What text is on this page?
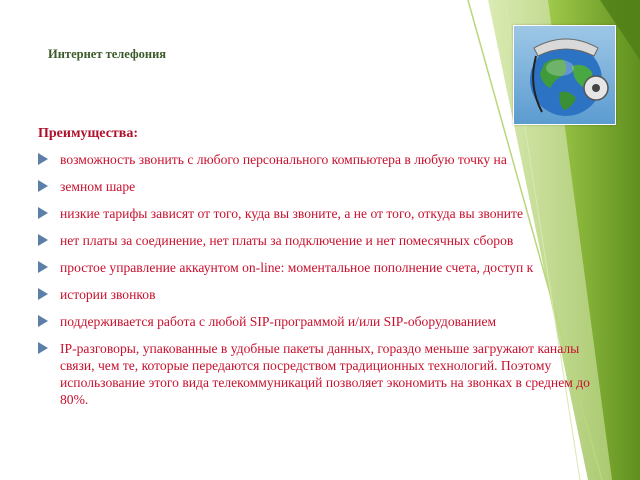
Интернет телефония
Преимущества:
возможность звонить с любого персонального компьютера в любую точку на
земном шаре
низкие тарифы зависят от того, куда вы звоните, а не от того, откуда вы звоните
нет платы за соединение, нет платы за подключение и нет помесячных сборов
простое управление аккаунтом on-line: моментальное пополнение счета, доступ к
истории звонков
поддерживается работа с любой SIP-программой и/или SIP-оборудованием
IP-разговоры, упакованные в удобные пакеты данных, гораздо меньше загружают каналы связи, чем те, которые передаются посредством традиционных технологий. Поэтому использование этого вида телекоммуникаций позволяет экономить на звонках в среднем до 80%.
